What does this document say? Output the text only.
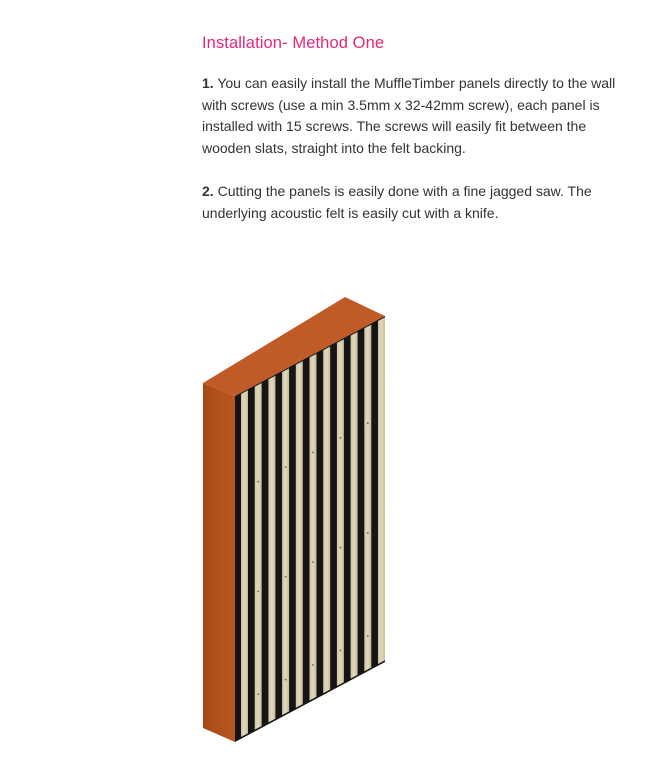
Installation- Method One

1. You can easily install the MuffleTimber panels directly to the wall with screws (use a min 3.5mm x 32-42mm screw), each panel is installed with 15 screws. The screws will easily fit between the wooden slats, straight into the felt backing.

2. Cutting the panels is easily done with a fine jagged saw. The underlying acoustic felt is easily cut with a knife.
